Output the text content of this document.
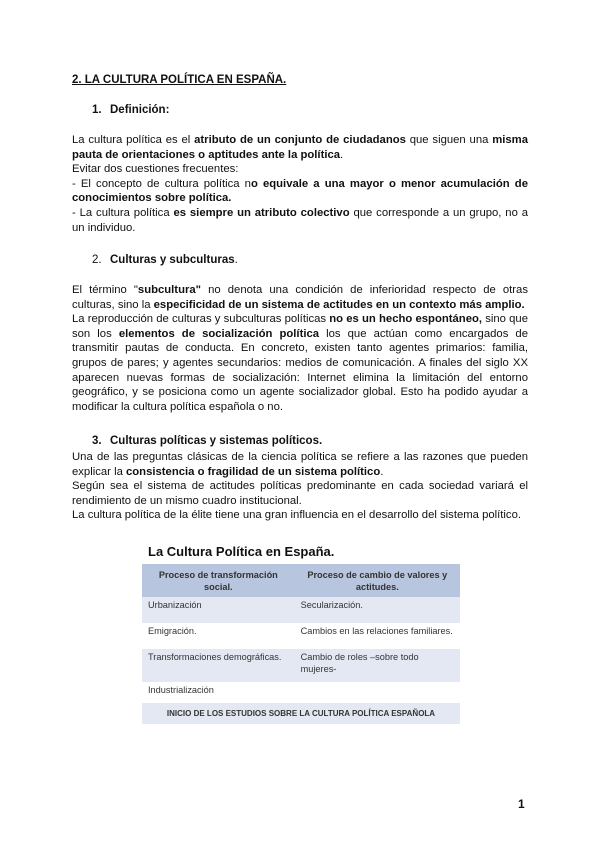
2. LA CULTURA POLÍTICA EN ESPAÑA.
1. Definición:

La cultura política es el atributo de un conjunto de ciudadanos que siguen una misma pauta de orientaciones o aptitudes ante la política.

Evitar dos cuestiones frecuentes:

- El concepto de cultura política no equivale a una mayor o menor acumulación de conocimientos sobre política.

- La cultura política es siempre un atributo colectivo que corresponde a un grupo, no a un individuo.

2. Culturas y subculturas.

El término "subcultura" no denota una condición de inferioridad respecto de otras culturas, sino la especificidad de un sistema de actitudes en un contexto más amplio.

La reproducción de culturas y subculturas políticas no es un hecho espontáneo, sino que son los elementos de socialización política los que actúan como encargados de transmitir pautas de conducta. En concreto, existen tanto agentes primarios: familia, grupos de pares; y agentes secundarios: medios de comunicación. A finales del siglo XX aparecen nuevas formas de socialización: Internet elimina la limitación del entorno geográfico, y se posiciona como un agente socializador global. Esto ha podido ayudar a modificar la cultura política española o no.

3. Culturas políticas y sistemas políticos.

Una de las preguntas clásicas de la ciencia política se refiere a las razones que pueden explicar la consistencia o fragilidad de un sistema político.

Según sea el sistema de actitudes políticas predominante en cada sociedad variará el rendimiento de un mismo cuadro institucional.

La cultura política de la élite tiene una gran influencia en el desarrollo del sistema político.

La Cultura Política en España.
Proceso de transformación social.	Proceso de cambio de valores y actitudes.
Urbanización	Secularización.
Emigración.	Cambios en las relaciones familiares.
Transformaciones demográficas.	Cambio de roles –sobre todo mujeres-
Industrialización	
INICIO DE LOS ESTUDIOS SOBRE LA CULTURA POLÍTICA ESPAÑOLA	
1
